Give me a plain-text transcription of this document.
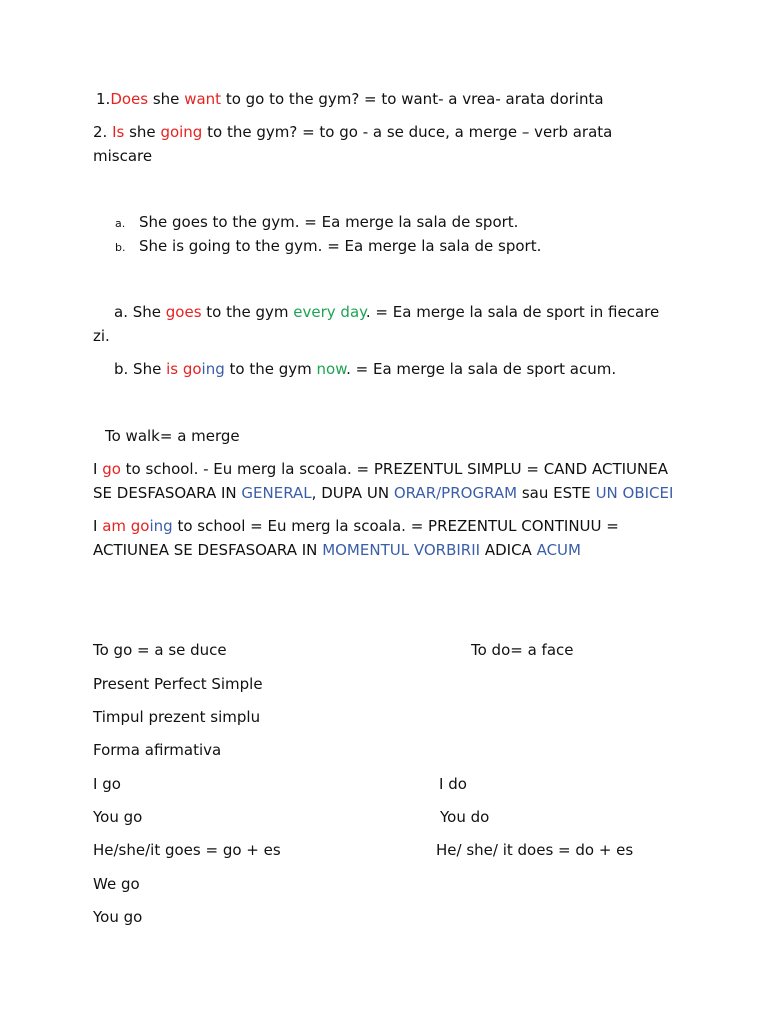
1.Does she want to go to the gym? = to want- a vrea- arata dorinta
2. Is she going to the gym? = to go - a se duce, a merge – verb arata
miscare
a. She goes to the gym. = Ea merge la sala de sport.
b. She is going to the gym. = Ea merge la sala de sport.
a. She goes to the gym every day. = Ea merge la sala de sport in fiecare
zi.
b. She is going to the gym now. = Ea merge la sala de sport acum.
To walk= a merge
I go to school. - Eu merg la scoala. = PREZENTUL SIMPLU = CAND ACTIUNEA
SE DESFASOARA IN GENERAL, DUPA UN ORAR/PROGRAM sau ESTE UN OBICEI
I am going to school = Eu merg la scoala. = PREZENTUL CONTINUU =
ACTIUNEA SE DESFASOARA IN MOMENTUL VORBIRII ADICA ACUM
To go = a se duce	To do= a face
Present Perfect Simple
Timpul prezent simplu
Forma afirmativa
I go
You go
He/she/it goes = go + es
We go
You go
I do
You do
He/ she/ it does = do + es
